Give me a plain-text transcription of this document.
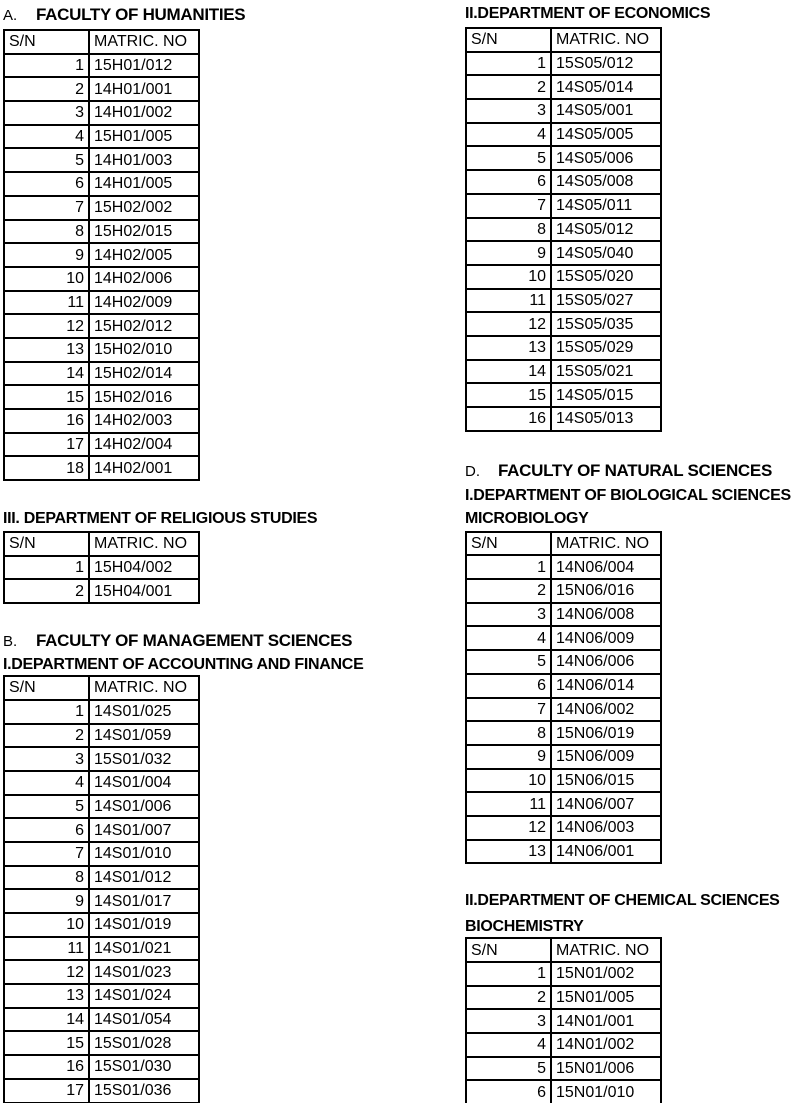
A. FACULTY OF HUMANITIES
S/N	MATRIC. NO
1	15H01/012
2	14H01/001
3	14H01/002
4	15H01/005
5	14H01/003
6	14H01/005
7	15H02/002
8	15H02/015
9	14H02/005
10	14H02/006
11	14H02/009
12	15H02/012
13	15H02/010
14	15H02/014
15	15H02/016
16	14H02/003
17	14H02/004
18	14H02/001
III. DEPARTMENT OF RELIGIOUS STUDIES
S/N	MATRIC. NO
1	15H04/002
2	15H04/001
B. FACULTY OF MANAGEMENT SCIENCES
I.DEPARTMENT OF ACCOUNTING AND FINANCE
S/N	MATRIC. NO
1	14S01/025
2	14S01/059
3	15S01/032
4	14S01/004
5	14S01/006
6	14S01/007
7	14S01/010
8	14S01/012
9	14S01/017
10	14S01/019
11	14S01/021
12	14S01/023
13	14S01/024
14	14S01/054
15	15S01/028
16	15S01/030
17	15S01/036
II.DEPARTMENT OF ECONOMICS
S/N	MATRIC. NO
1	15S05/012
2	14S05/014
3	14S05/001
4	14S05/005
5	14S05/006
6	14S05/008
7	14S05/011
8	14S05/012
9	14S05/040
10	15S05/020
11	15S05/027
12	15S05/035
13	15S05/029
14	15S05/021
15	14S05/015
16	14S05/013
D. FACULTY OF NATURAL SCIENCES
I.DEPARTMENT OF BIOLOGICAL SCIENCES
MICROBIOLOGY
S/N	MATRIC. NO
1	14N06/004
2	15N06/016
3	14N06/008
4	14N06/009
5	14N06/006
6	14N06/014
7	14N06/002
8	15N06/019
9	15N06/009
10	15N06/015
11	14N06/007
12	14N06/003
13	14N06/001
II.DEPARTMENT OF CHEMICAL SCIENCES
BIOCHEMISTRY
S/N	MATRIC. NO
1	15N01/002
2	15N01/005
3	14N01/001
4	14N01/002
5	15N01/006
6	15N01/010
